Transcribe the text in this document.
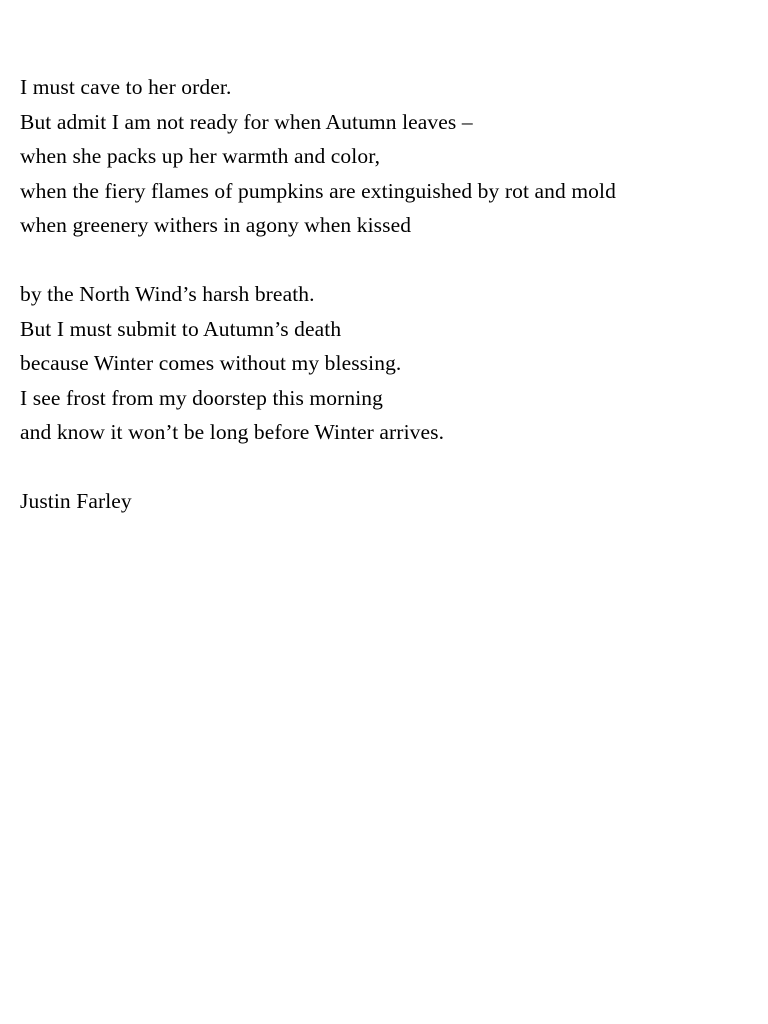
I must cave to her order.
But admit I am not ready for when Autumn leaves –
when she packs up her warmth and color,
when the fiery flames of pumpkins are extinguished by rot and mold
when greenery withers in agony when kissed
by the North Wind’s harsh breath.
But I must submit to Autumn’s death
because Winter comes without my blessing.
I see frost from my doorstep this morning
and know it won’t be long before Winter arrives.
Justin Farley
